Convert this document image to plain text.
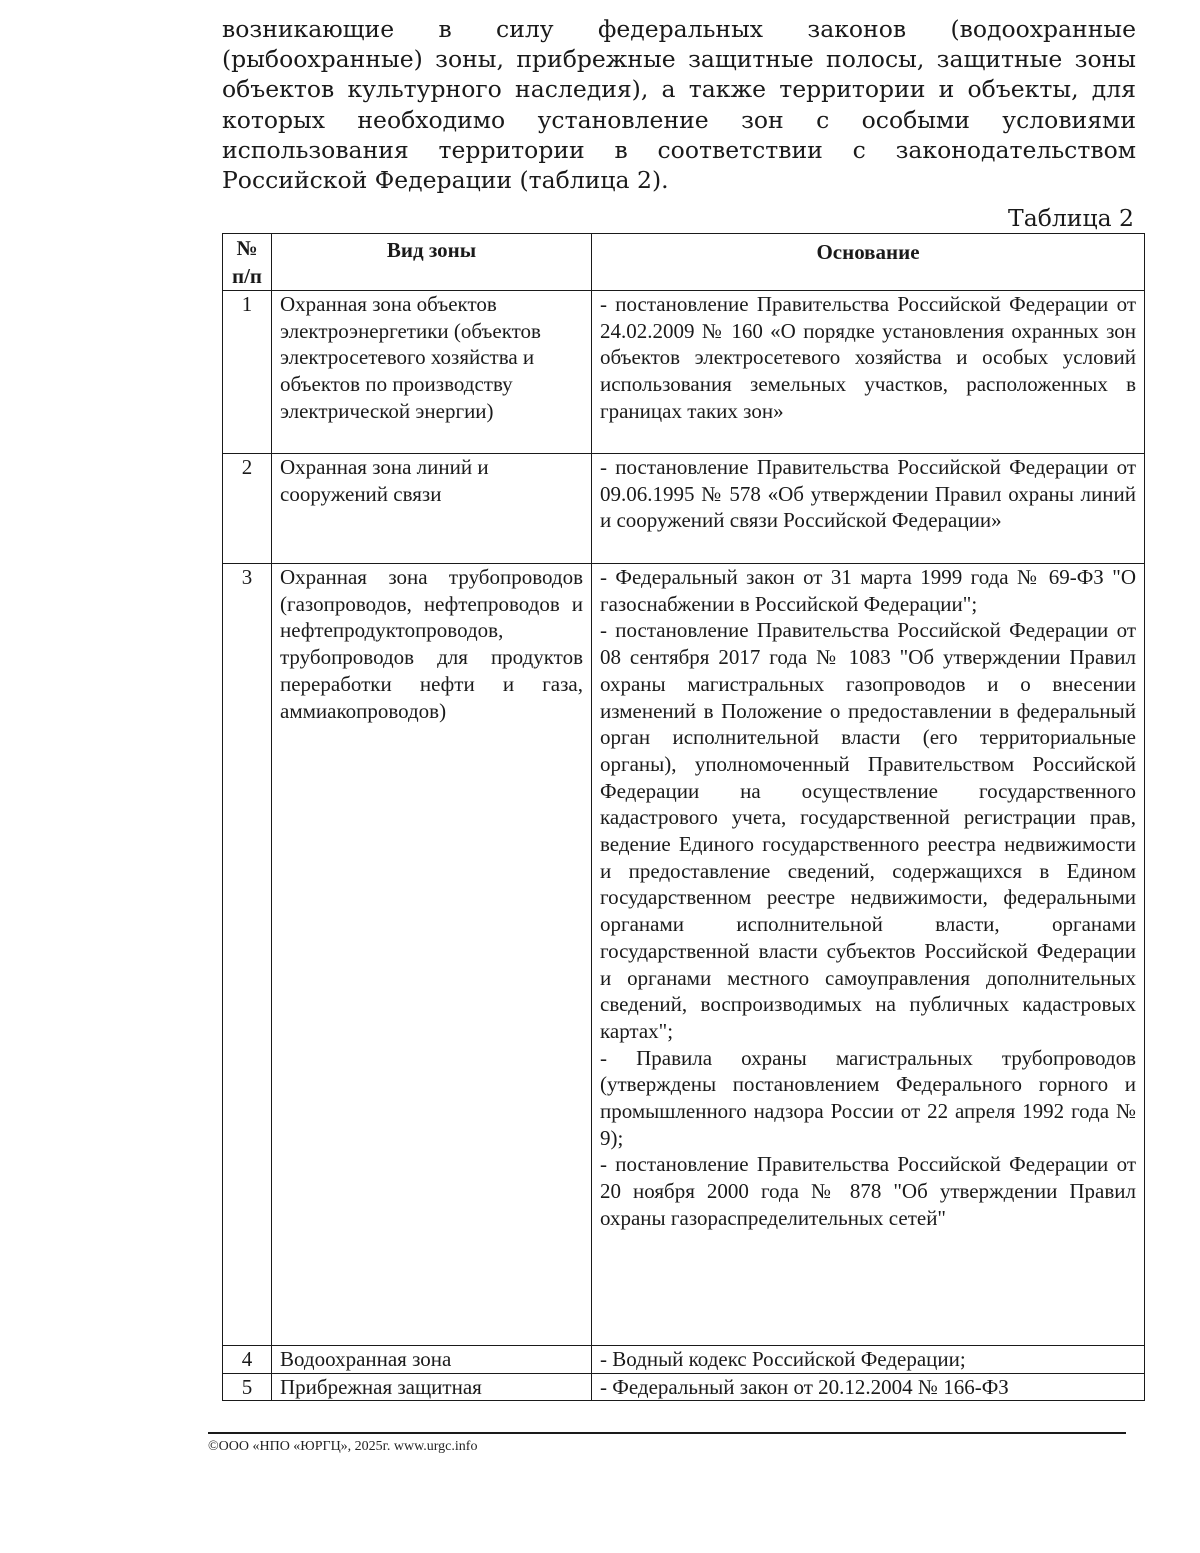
возникающие в силу федеральных законов (водоохранные (рыбоохранные) зоны, прибрежные защитные полосы, защитные зоны объектов культурного наследия), а также территории и объекты, для которых необходимо установление зон с особыми условиями использования территории в соответствии с законодательством Российской Федерации (таблица 2).

Таблица 2
№ п/п	Вид зоны	Основание
1	Охранная зона объектов электроэнергетики (объектов электросетевого хозяйства и объектов по производству электрической энергии)	- постановление Правительства Российской Федерации от 24.02.2009 № 160 «О порядке установления охранных зон объектов электросетевого хозяйства и особых условий использования земельных участков, расположенных в границах таких зон»

2	Охранная зона линий и сооружений связи	- постановление Правительства Российской Федерации от 09.06.1995 № 578 «Об утверждении Правил охраны линий и сооружений связи Российской Федерации»

3	Охранная зона трубопроводов (газопроводов, нефтепроводов и нефтепродуктопроводов, трубопроводов для продуктов переработки нефти и газа, аммиакопроводов)	- Федеральный закон от 31 марта 1999 года № 69-ФЗ "О газоснабжении в Российской Федерации";

- постановление Правительства Российской Федерации от 08 сентября 2017 года № 1083 "Об утверждении Правил охраны магистральных газопроводов и о внесении изменений в Положение о предоставлении в федеральный орган исполнительной власти (его территориальные органы), уполномоченный Правительством Российской Федерации на осуществление государственного кадастрового учета, государственной регистрации прав, ведение Единого государственного реестра недвижимости и предоставление сведений, содержащихся в Едином государственном реестре недвижимости, федеральными органами исполнительной власти, органами государственной власти субъектов Российской Федерации и органами местного самоуправления дополнительных сведений, воспроизводимых на публичных кадастровых картах";

- Правила охраны магистральных трубопроводов (утверждены постановлением Федерального горного и промышленного надзора России от 22 апреля 1992 года № 9);

- постановление Правительства Российской Федерации от 20 ноября 2000 года № 878 "Об утверждении Правил охраны газораспределительных сетей"

4	Водоохранная зона	- Водный кодекс Российской Федерации;

5	Прибрежная защитная	- Федеральный закон от 20.12.2004 № 166-ФЗ

©ООО «НПО «ЮРГЦ», 2025г. www.urgc.info
